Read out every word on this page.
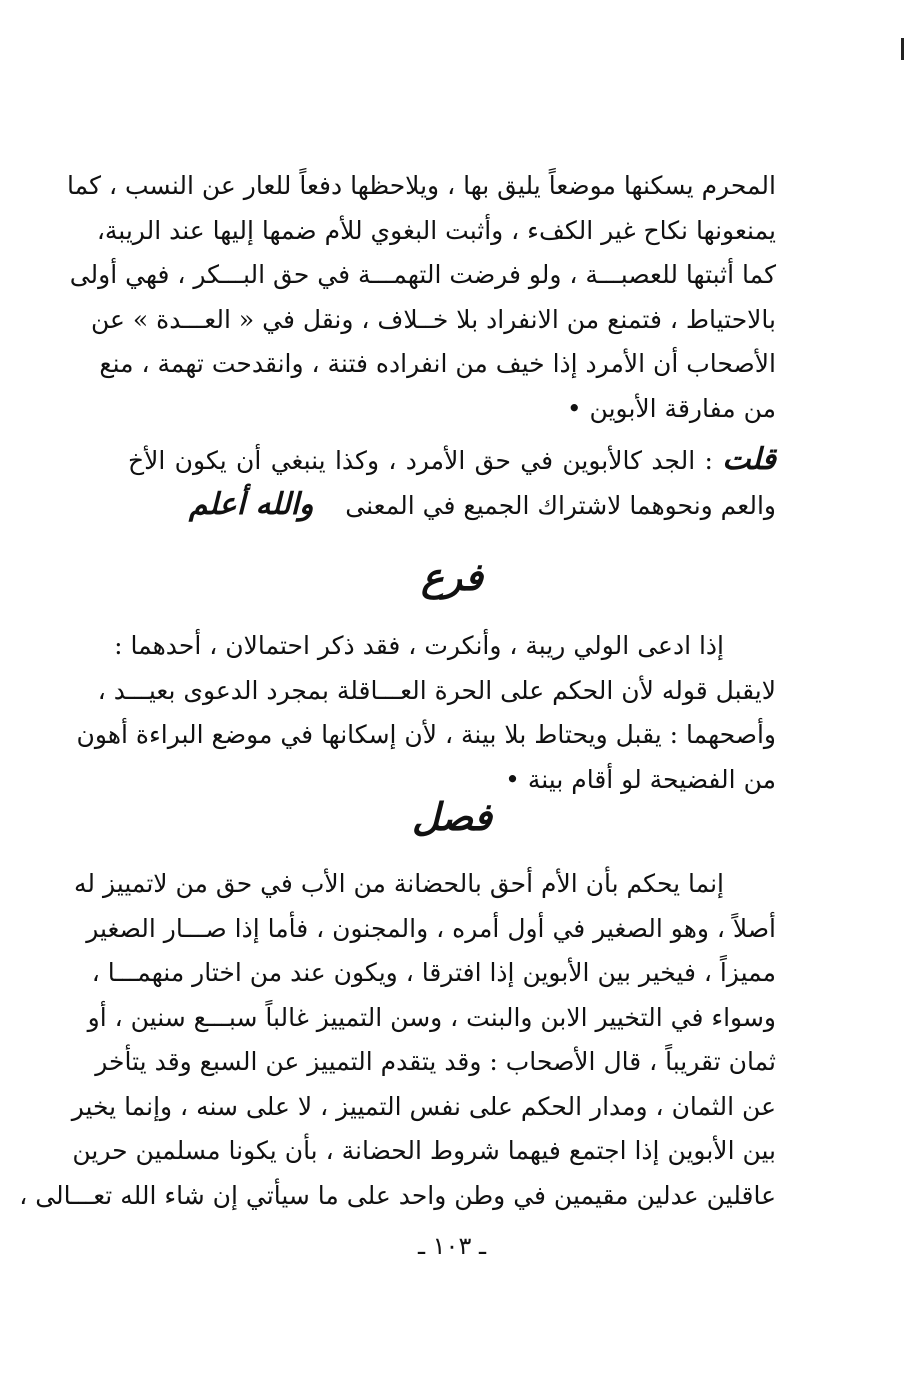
المحرم يسكنها موضعاً يليق بها ، ويلاحظها دفعاً للعار عن النسب ، كما
يمنعونها نكاح غير الكفء ، وأثبت البغوي للأم ضمها إليها عند الريبة،
كما أثبتها للعصبـــة ، ولو فرضت التهمـــة في حق البـــكر ، فهي أولى
بالاحتياط ، فتمنع من الانفراد بلا خــلاف ، ونقل في « العـــدة » عن
الأصحاب أن الأمرد إذا خيف من انفراده فتنة ، وانقدحت تهمة ، منع
من مفارقة الأبوين •
قلت : الجد كالأبوين في حق الأمرد ، وكذا ينبغي أن يكون الأخ
والعم ونحوهما لاشتراك الجميع في المعنى    والله أعلم
فرع
إذا ادعى الولي ريبة ، وأنكرت ، فقد ذكر احتمالان ، أحدهما :
لايقبل قوله لأن الحكم على الحرة العـــاقلة بمجرد الدعوى بعيـــد ،
وأصحهما : يقبل ويحتاط بلا بينة ، لأن إسكانها في موضع البراءة أهون
من الفضيحة لو أقام بينة •
فصل
إنما يحكم بأن الأم أحق بالحضانة من الأب في حق من لاتمييز له
أصلاً ، وهو الصغير في أول أمره ، والمجنون ، فأما إذا صـــار الصغير
مميزاً ، فيخير بين الأبوين إذا افترقا ، ويكون عند من اختار منهمـــا ،
وسواء في التخيير الابن والبنت ، وسن التمييز غالباً سبـــع سنين ، أو
ثمان تقريباً ، قال الأصحاب : وقد يتقدم التمييز عن السبع وقد يتأخر
عن الثمان ، ومدار الحكم على نفس التمييز ، لا على سنه ، وإنما يخير
بين الأبوين إذا اجتمع فيهما شروط الحضانة ، بأن يكونا مسلمين حرين
عاقلين عدلين مقيمين في وطن واحد على ما سيأتي إن شاء الله تعـــالى ،
ـ ١٠٣ ـ
